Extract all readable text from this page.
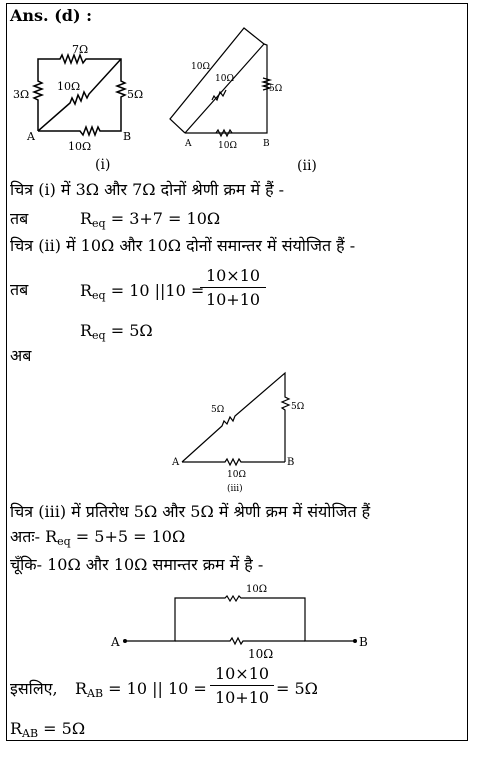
Ans. (d) :
7Ω
3Ω	5Ω
10Ω
10Ω
A	B
(i)
10Ω
10Ω
5Ω
10Ω
A	B
(ii)
चित्र (i) में 3Ω और 7Ω दोनों श्रेणी क्रम में हैं -
तब	$R_{eq} = 3+7 = 10\Omega$
चित्र (ii) में 10Ω और 10Ω दोनों समान्तर में संयोजित हैं -
तब	$R_{eq} = 10$ ||10 =
10×10
10+10
$R_{eq} = 5\Omega$
अब
5Ω	5Ω
10Ω
A	B
(iii)
चित्र (iii) में प्रतिरोध 5Ω और 5Ω में श्रेणी क्रम में संयोजित हैं
अतः- $R_{eq} = 5+5 = 10\Omega$
चूँकि- 10Ω और 10Ω समान्तर क्रम में है -
A	B
10Ω
10Ω
इसलिए, $R_{AB} = 10$ || 10 =
10×10
10+10 = 5Ω
$R_{AB} = 5\Omega$
